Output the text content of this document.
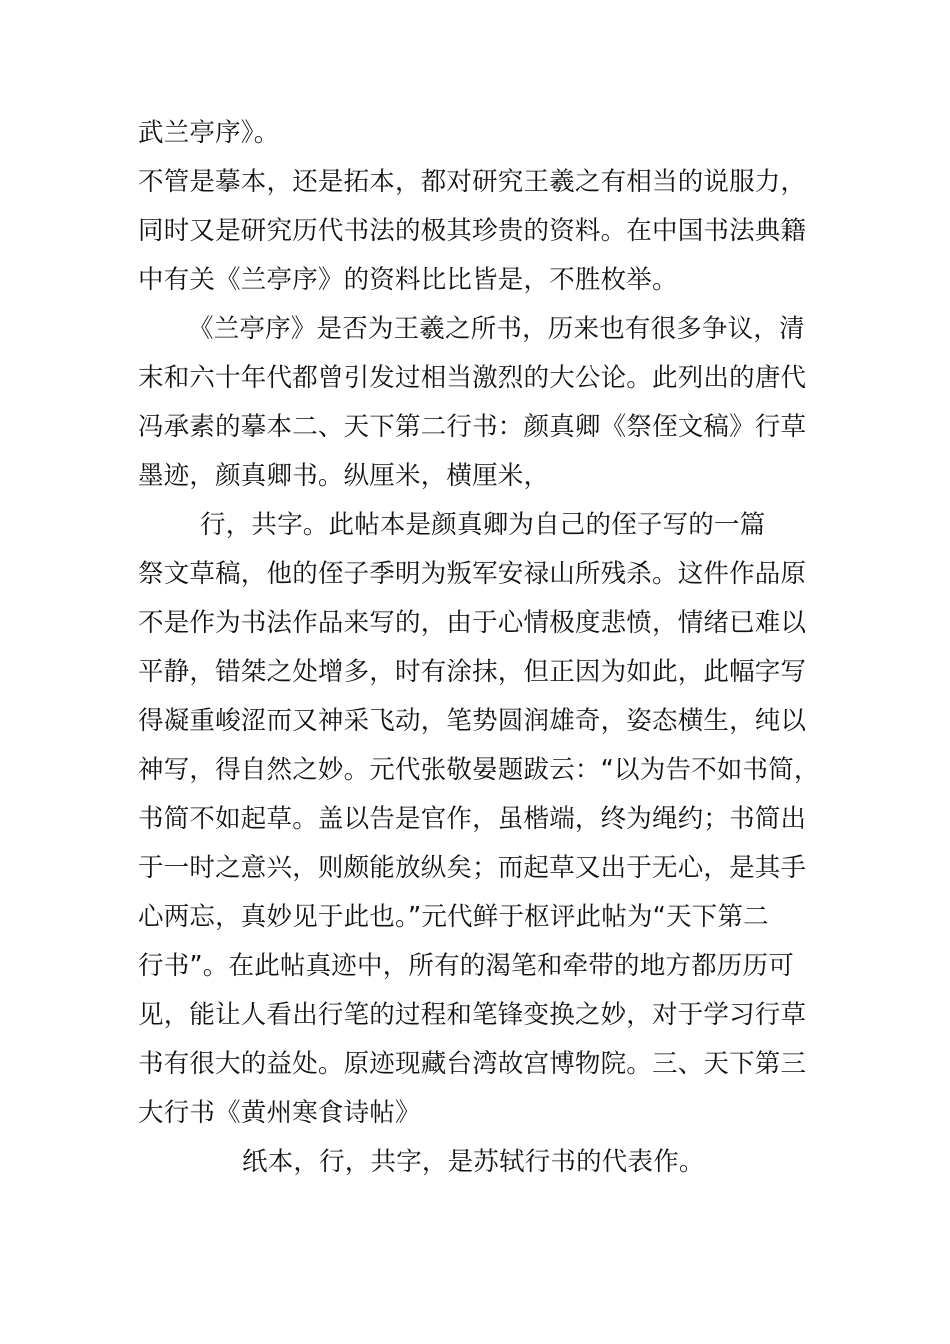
武兰亭序》。
不管是摹本，还是拓本，都对研究王羲之有相当的说服力，
同时又是研究历代书法的极其珍贵的资料。在中国书法典籍
中有关《兰亭序》的资料比比皆是，不胜枚举。
《兰亭序》是否为王羲之所书，历来也有很多争议，清
末和六十年代都曾引发过相当激烈的大公论。此列出的唐代
冯承素的摹本二、天下第二行书：颜真卿《祭侄文稿》行草
墨迹，颜真卿书。纵厘米，横厘米，
行，共字。此帖本是颜真卿为自己的侄子写的一篇
祭文草稿，他的侄子季明为叛军安禄山所残杀。这件作品原
不是作为书法作品来写的，由于心情极度悲愤，情绪已难以
平静，错桀之处增多，时有涂抹，但正因为如此，此幅字写
得凝重峻涩而又神采飞动，笔势圆润雄奇，姿态横生，纯以
神写，得自然之妙。元代张敬晏题跋云：“以为告不如书简，
书简不如起草。盖以告是官作，虽楷端，终为绳约；书简出
于一时之意兴，则颇能放纵矣；而起草又出于无心，是其手
心两忘，真妙见于此也。”元代鲜于枢评此帖为“天下第二
行书”。在此帖真迹中，所有的渴笔和牵带的地方都历历可
见，能让人看出行笔的过程和笔锋变换之妙，对于学习行草
书有很大的益处。原迹现藏台湾故宫博物院。三、天下第三
大行书《黄州寒食诗帖》
纸本，行，共字，是苏轼行书的代表作。
